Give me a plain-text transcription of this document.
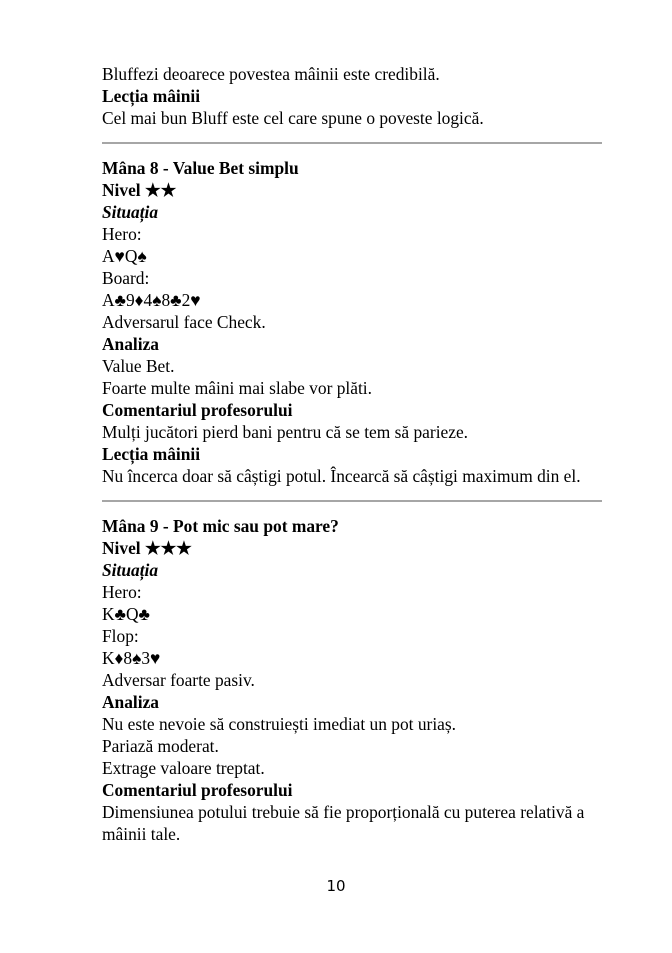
Bluffezi deoarece povestea mâinii este credibilă.
Lecția mâinii
Cel mai bun Bluff este cel care spune o poveste logică.
Mâna 8 - Value Bet simplu
Nivel ★★
Situația
Hero:
A♥Q♠
Board:
A♣9♦4♠8♣2♥
Adversarul face Check.
Analiza
Value Bet.
Foarte multe mâini mai slabe vor plăti.
Comentariul profesorului
Mulți jucători pierd bani pentru că se tem să parieze.
Lecția mâinii
Nu încerca doar să câștigi potul. Încearcă să câștigi maximum din el.
Mâna 9 - Pot mic sau pot mare?
Nivel ★★★
Situația
Hero:
K♣Q♣
Flop:
K♦8♠3♥
Adversar foarte pasiv.
Analiza
Nu este nevoie să construiești imediat un pot uriaș.
Pariază moderat.
Extrage valoare treptat.
Comentariul profesorului
Dimensiunea potului trebuie să fie proporțională cu puterea relativă a mâinii tale.
10
